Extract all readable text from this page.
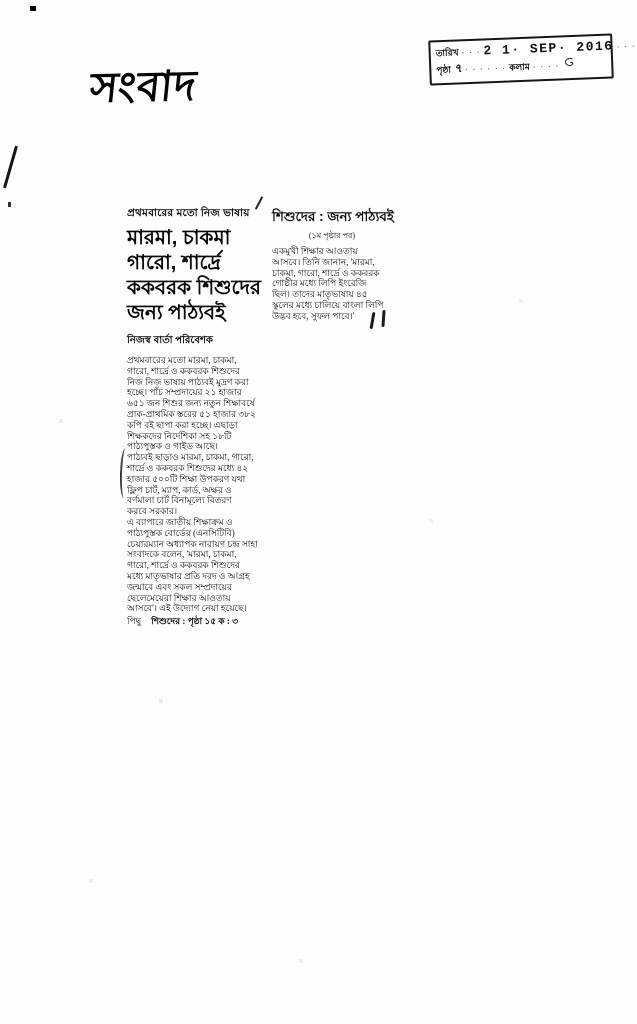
সংবাদ
তারিখ · · · 2 1· SEP· 2016 · · ·
পৃষ্ঠা ৭ · · · · · · কলাম · · · ·
প্রথমবারের মতো নিজ ভাষায়
মারমা, চাকমা
গারো, শার্দ্রে
ককবরক শিশুদের
জন্য পাঠ্যবই
নিজস্ব বার্তা পরিবেশক
প্রথমবারের মতো মারমা, চাকমা,
গারো, শার্দ্রে ও ককবরক শিশুদের
নিজ নিজ ভাষায় পাঠ্যবই মুদ্রণ করা
হচ্ছে। পাঁচ সম্প্রদায়ের ২১ হাজার
৬৫১ জন শিশুর জন্য নতুন শিক্ষাবর্ষে
প্রাক-প্রাথমিক স্তরের ৫১ হাজার ৩৮২
কপি বই ছাপা করা হচ্ছে। এছাড়া
শিক্ষকদের নির্দেশিকা সহ ১৮টি
পাঠ্যপুস্তক ও গাইড আছে।
পাঠ্যবই ছাড়াও মারমা, চাকমা, গারো,
শার্দ্রে ও ককবরক শিশুদের মধ্যে ৪২
হাজার ৫০০টি শিক্ষা উপকরণ যথা
ফ্লিপ চার্ট, ম্যাপ, কার্ড, অক্ষর ও
বর্ণমালা চার্ট বিনামূল্যে বিতরণ
করবে সরকার।
এ ব্যাপারে জাতীয় শিক্ষাক্রম ও
পাঠ্যপুস্তক বোর্ডের (এনসিটিবি)
চেয়ারম্যান অধ্যাপক নারায়ণ চন্দ্র সাহা
সংবাদকে বলেন, 'মারমা, চাকমা,
গারো, শার্দ্রে ও ককবরক শিশুদের
মধ্যে মাতৃভাষার প্রতি দরদ ও আগ্রহ
জন্মাবে এবং সকল সম্প্রদায়ের
ছেলেমেয়েরা শিক্ষার আওতায়
আসবে'। এই উদ্যোগ নেয়া হয়েছে।
পিছু শিশুদের : পৃষ্ঠা ১৫ ক : ৩
শিশুদের : জন্য পাঠ্যবই
(১ম পৃষ্ঠার পর)
একমুখী শিক্ষার আওতায়
আসবে। তিনি জানান, 'মারমা,
চাকমা, গারো, শার্দ্রে ও ককবরক
গোষ্ঠীর মধ্যে লিপি ইংরেজি
ছিল। তাদের মাতৃভাষায় ৪৫
স্কুলের মধ্যে চালিয়ে বাংলা লিপি
উদ্ভব হবে, সুফল পাবে।'
